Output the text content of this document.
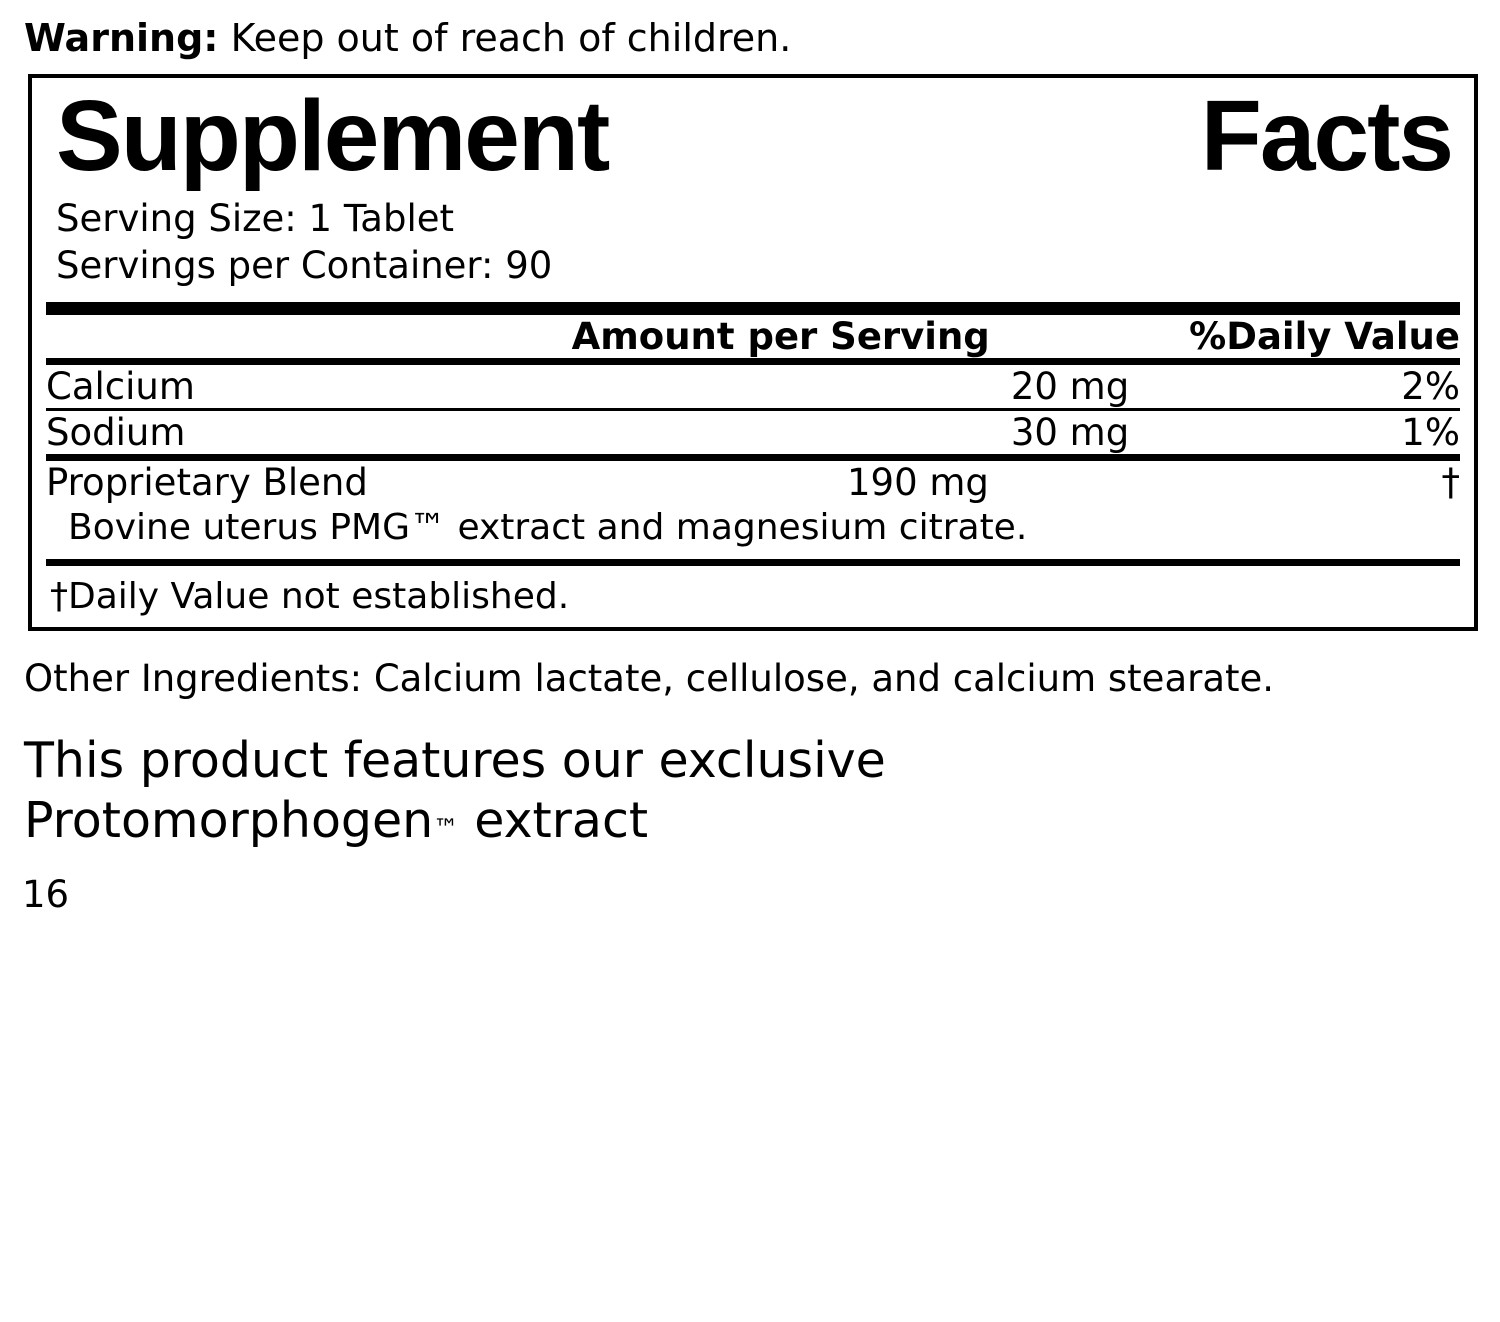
Warning: Keep out of reach of children.
Supplement	Facts
Serving Size: 1 Tablet
Servings per Container: 90
	Amount per Serving	%Daily Value
Calcium	20 mg	2%
Sodium	30 mg	1%
Proprietary Blend	190 mg	†
Bovine uterus PMG™ extract and magnesium citrate.
†Daily Value not established.
Other Ingredients: Calcium lactate, cellulose, and calcium stearate.
This product features our exclusive
Protomorphogen™ extract
16
